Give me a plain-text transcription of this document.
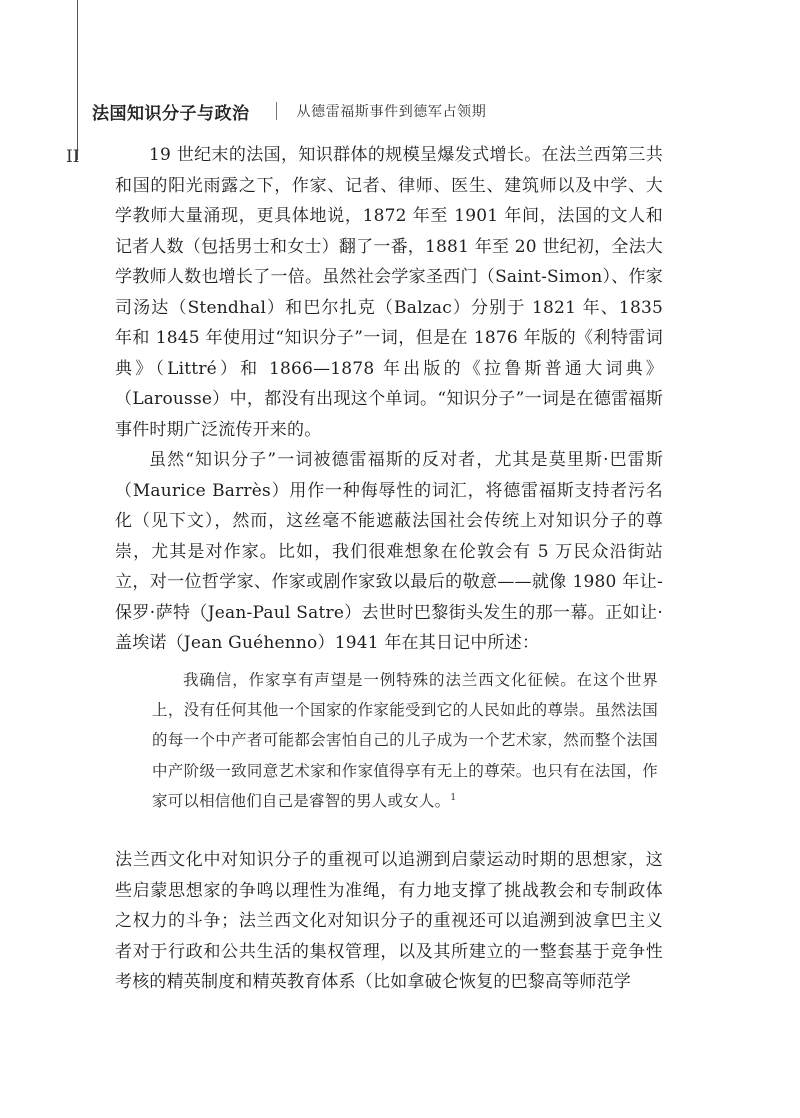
II
法国知识分子与政治	从德雷福斯事件到德军占领期

19 世纪末的法国，知识群体的规模呈爆发式增长。在法兰西第三共和国的阳光雨露之下，作家、记者、律师、医生、建筑师以及中学、大学教师大量涌现，更具体地说，1872 年至 1901 年间，法国的文人和记者人数（包括男士和女士）翻了一番，1881 年至 20 世纪初，全法大学教师人数也增长了一倍。虽然社会学家圣西门（Saint-Simon）、作家司汤达（Stendhal）和巴尔扎克（Balzac）分别于 1821 年、1835 年和 1845 年使用过“知识分子”一词，但是在 1876 年版的《利特雷词典》（Littré）和 1866—1878 年出版的《拉鲁斯普通大词典》（Larousse）中，都没有出现这个单词。“知识分子”一词是在德雷福斯事件时期广泛流传开来的。

虽然“知识分子”一词被德雷福斯的反对者，尤其是莫里斯·巴雷斯（Maurice Barrès）用作一种侮辱性的词汇，将德雷福斯支持者污名化（见下文），然而，这丝毫不能遮蔽法国社会传统上对知识分子的尊崇，尤其是对作家。比如，我们很难想象在伦敦会有 5 万民众沿街站立，对一位哲学家、作家或剧作家致以最后的敬意——就像 1980 年让-保罗·萨特（Jean-Paul Satre）去世时巴黎街头发生的那一幕。正如让·盖埃诺（Jean Guéhenno）1941 年在其日记中所述：

我确信，作家享有声望是一例特殊的法兰西文化征候。在这个世界上，没有任何其他一个国家的作家能受到它的人民如此的尊崇。虽然法国的每一个中产者可能都会害怕自己的儿子成为一个艺术家，然而整个法国中产阶级一致同意艺术家和作家值得享有无上的尊荣。也只有在法国，作家可以相信他们自己是睿智的男人或女人。$^1$

法兰西文化中对知识分子的重视可以追溯到启蒙运动时期的思想家，这些启蒙思想家的争鸣以理性为准绳，有力地支撑了挑战教会和专制政体之权力的斗争；法兰西文化对知识分子的重视还可以追溯到波拿巴主义者对于行政和公共生活的集权管理，以及其所建立的一整套基于竞争性考核的精英制度和精英教育体系（比如拿破仑恢复的巴黎高等师范学
